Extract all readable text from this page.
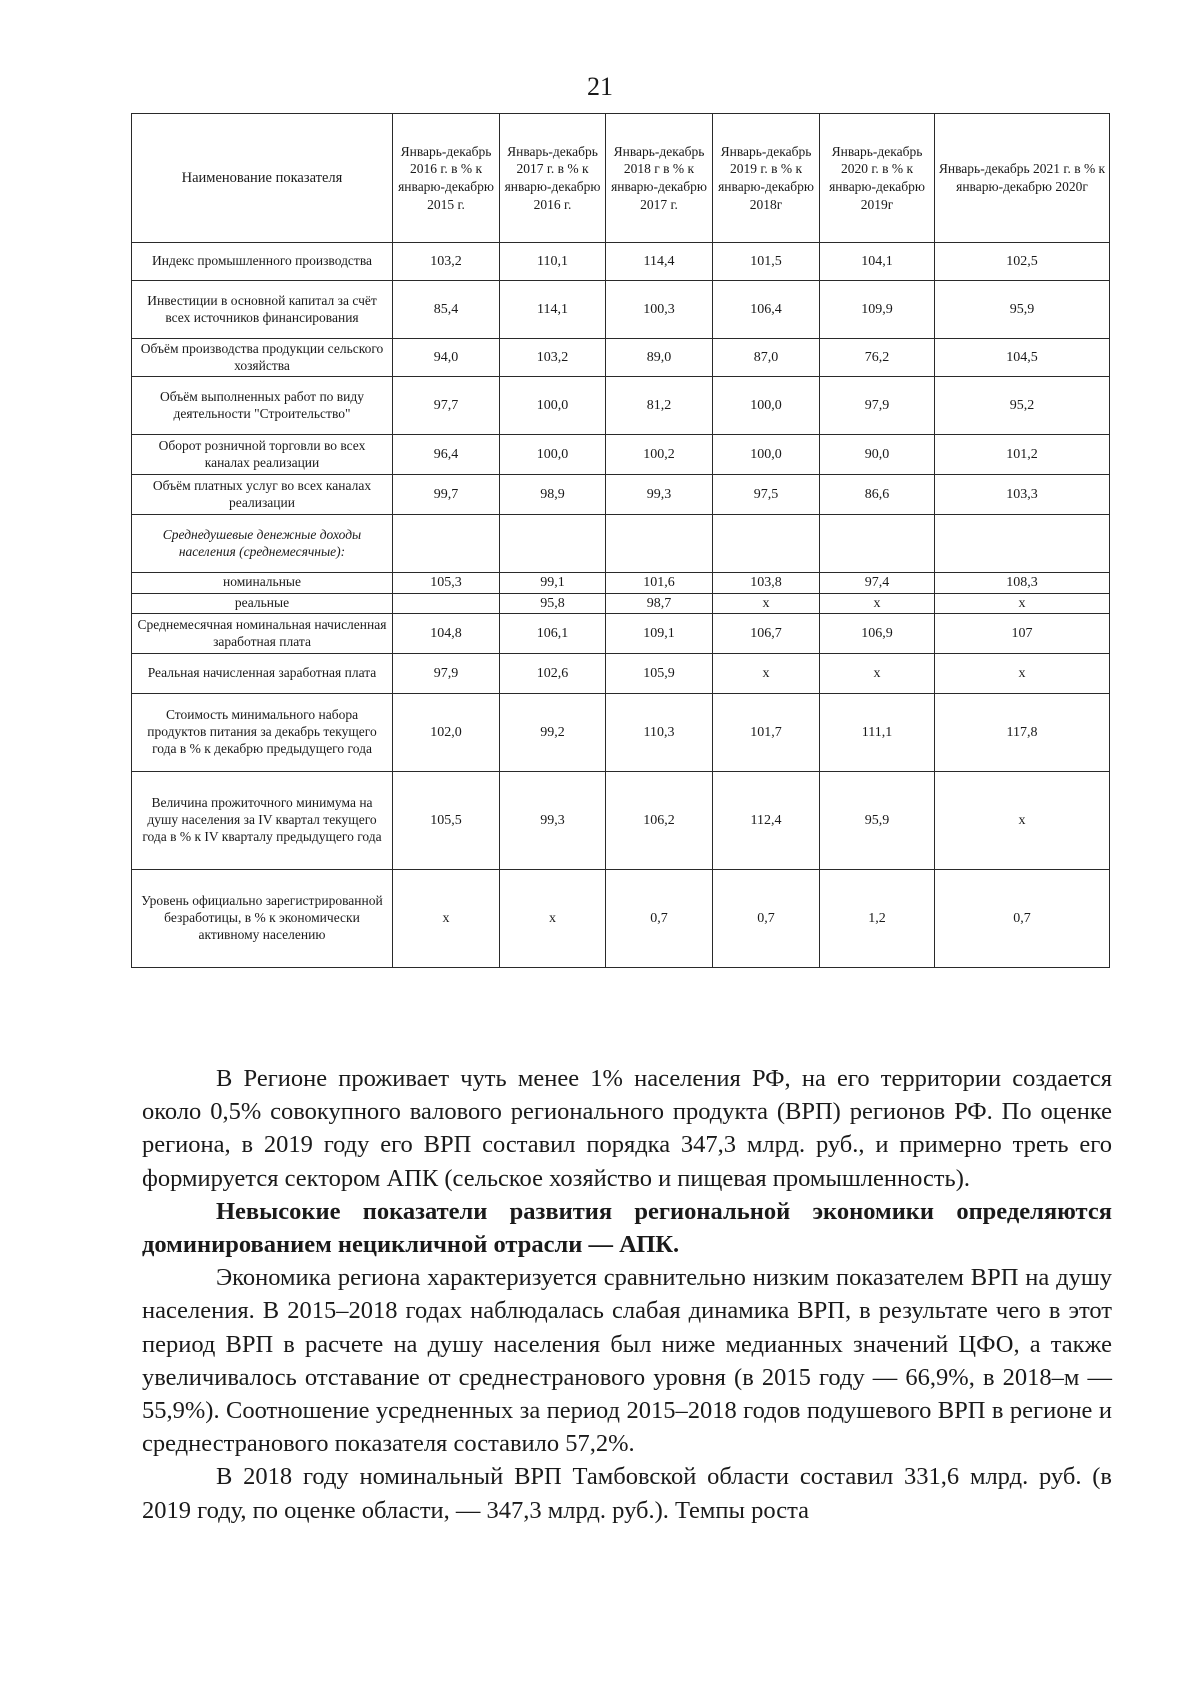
21
Наименование показателя	Январь-декабрь 2016 г. в % к январю-декабрю 2015 г.	Январь-декабрь 2017 г. в % к январю-декабрю 2016 г.	Январь-декабрь 2018 г в % к январю-декабрю 2017 г.	Январь-декабрь 2019 г. в % к январю-декабрю 2018г	Январь-декабрь 2020 г. в % к январю-декабрю 2019г	Январь-декабрь 2021 г. в % к январю-декабрю 2020г
Индекс промышленного производства	103,2	110,1	114,4	101,5	104,1	102,5
Инвестиции в основной капитал за счёт всех источников финансирования	85,4	114,1	100,3	106,4	109,9	95,9
Объём производства продукции сельского хозяйства	94,0	103,2	89,0	87,0	76,2	104,5
Объём выполненных работ по виду деятельности "Строительство"	97,7	100,0	81,2	100,0	97,9	95,2
Оборот розничной торговли во всех каналах реализации	96,4	100,0	100,2	100,0	90,0	101,2
Объём платных услуг во всех каналах реализации	99,7	98,9	99,3	97,5	86,6	103,3
Среднедушевые денежные доходы населения (среднемесячные):						
номинальные	105,3	99,1	101,6	103,8	97,4	108,3
реальные		95,8	98,7	х	х	х
Среднемесячная номинальная начисленная заработная плата	104,8	106,1	109,1	106,7	106,9	107
Реальная начисленная заработная плата	97,9	102,6	105,9	х	х	х
Стоимость минимального набора продуктов питания за декабрь текущего года в % к декабрю предыдущего года	102,0	99,2	110,3	101,7	111,1	117,8
Величина прожиточного минимума на душу населения за IV квартал текущего года в % к IV кварталу предыдущего года	105,5	99,3	106,2	112,4	95,9	х
Уровень официально зарегистрированной безработицы, в % к экономически активному населению	х	х	0,7	0,7	1,2	0,7

В Регионе проживает чуть менее 1% населения РФ, на его территории создается около 0,5% совокупного валового регионального продукта (ВРП) регионов РФ. По оценке региона, в 2019 году его ВРП составил порядка 347,3 млрд. руб., и примерно треть его формируется сектором АПК (сельское хозяйство и пищевая промышленность).

Невысокие показатели развития региональной экономики определяются доминированием нецикличной отрасли — АПК.

Экономика региона характеризуется сравнительно низким показателем ВРП на душу населения. В 2015–2018 годах наблюдалась слабая динамика ВРП, в результате чего в этот период ВРП в расчете на душу населения был ниже медианных значений ЦФО, а также увеличивалось отставание от среднестранового уровня (в 2015 году — 66,9%, в 2018–м — 55,9%). Соотношение усредненных за период 2015–2018 годов подушевого ВРП в регионе и среднестранового показателя составило 57,2%.

В 2018 году номинальный ВРП Тамбовской области составил 331,6 млрд. руб. (в 2019 году, по оценке области, — 347,3 млрд. руб.). Темпы роста
